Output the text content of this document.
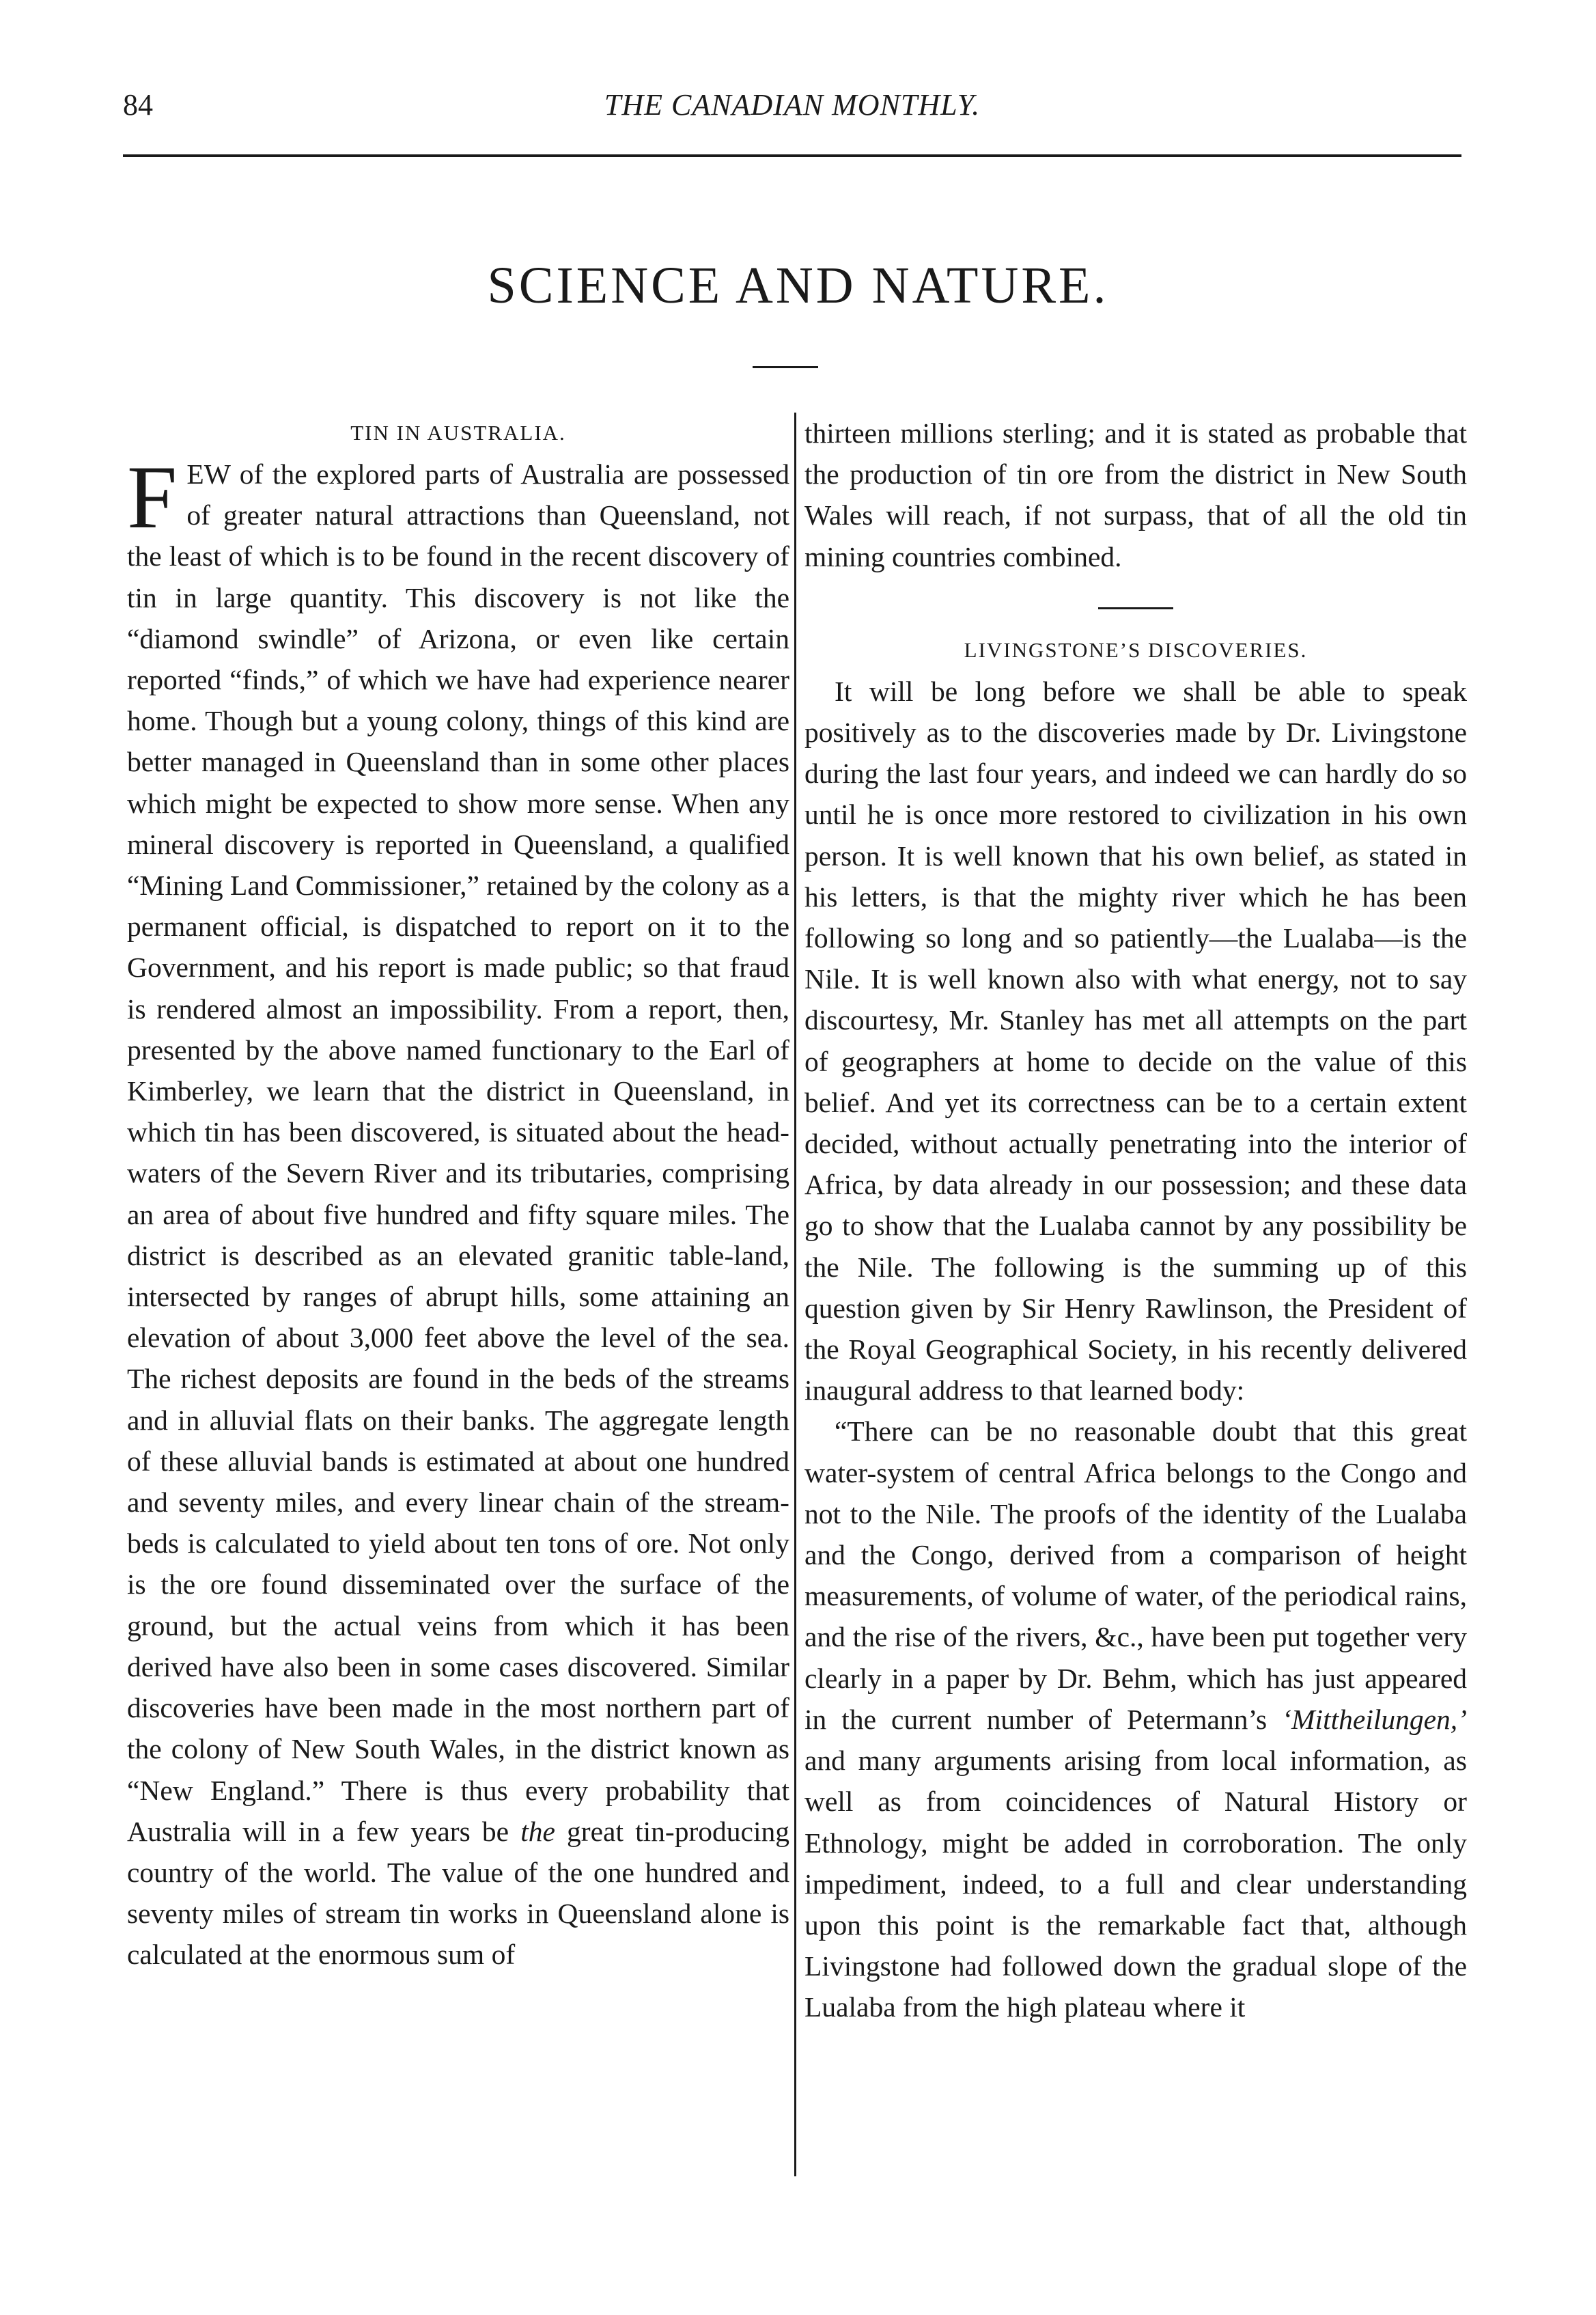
84	THE CANADIAN MONTHLY.
SCIENCE AND NATURE.

TIN IN AUSTRALIA.

FEW of the explored parts of Australia are possessed of greater natural attractions than Queensland, not the least of which is to be found in the recent discovery of tin in large quantity. This discovery is not like the “diamond swindle” of Arizona, or even like certain reported “finds,” of which we have had experience nearer home. Though but a young colony, things of this kind are better managed in Queensland than in some other places which might be expected to show more sense. When any mineral discovery is reported in Queensland, a qualified “Mining Land Commissioner,” retained by the colony as a permanent official, is dispatched to report on it to the Government, and his report is made public; so that fraud is rendered almost an impossibility. From a report, then, presented by the above named functionary to the Earl of Kimberley, we learn that the district in Queensland, in which tin has been discovered, is situated about the head-waters of the Severn River and its tributaries, comprising an area of about five hundred and fifty square miles. The district is described as an elevated granitic table-land, intersected by ranges of abrupt hills, some attaining an elevation of about 3,000 feet above the level of the sea. The richest deposits are found in the beds of the streams and in alluvial flats on their banks. The aggregate length of these alluvial bands is estimated at about one hundred and seventy miles, and every linear chain of the stream-beds is calculated to yield about ten tons of ore. Not only is the ore found disseminated over the surface of the ground, but the actual veins from which it has been derived have also been in some cases discovered. Similar discoveries have been made in the most northern part of the colony of New South Wales, in the district known as “New England.” There is thus every probability that Australia will in a few years be the great tin-producing country of the world. The value of the one hundred and seventy miles of stream tin works in Queensland alone is calculated at the enormous sum of

thirteen millions sterling; and it is stated as probable that the production of tin ore from the district in New South Wales will reach, if not surpass, that of all the old tin mining countries combined.

LIVINGSTONE’S DISCOVERIES.

It will be long before we shall be able to speak positively as to the discoveries made by Dr. Livingstone during the last four years, and indeed we can hardly do so until he is once more restored to civilization in his own person. It is well known that his own belief, as stated in his letters, is that the mighty river which he has been following so long and so patiently—the Lualaba—is the Nile. It is well known also with what energy, not to say discourtesy, Mr. Stanley has met all attempts on the part of geographers at home to decide on the value of this belief. And yet its correctness can be to a certain extent decided, without actually penetrating into the interior of Africa, by data already in our possession; and these data go to show that the Lualaba cannot by any possibility be the Nile. The following is the summing up of this question given by Sir Henry Rawlinson, the President of the Royal Geographical Society, in his recently delivered inaugural address to that learned body:

“There can be no reasonable doubt that this great water-system of central Africa belongs to the Congo and not to the Nile. The proofs of the identity of the Lualaba and the Congo, derived from a comparison of height measurements, of volume of water, of the periodical rains, and the rise of the rivers, &c., have been put together very clearly in a paper by Dr. Behm, which has just appeared in the current number of Petermann’s ‘Mittheilungen,’ and many arguments arising from local information, as well as from coincidences of Natural History or Ethnology, might be added in corroboration. The only impediment, indeed, to a full and clear understanding upon this point is the remarkable fact that, although Livingstone had followed down the gradual slope of the Lualaba from the high plateau where it
